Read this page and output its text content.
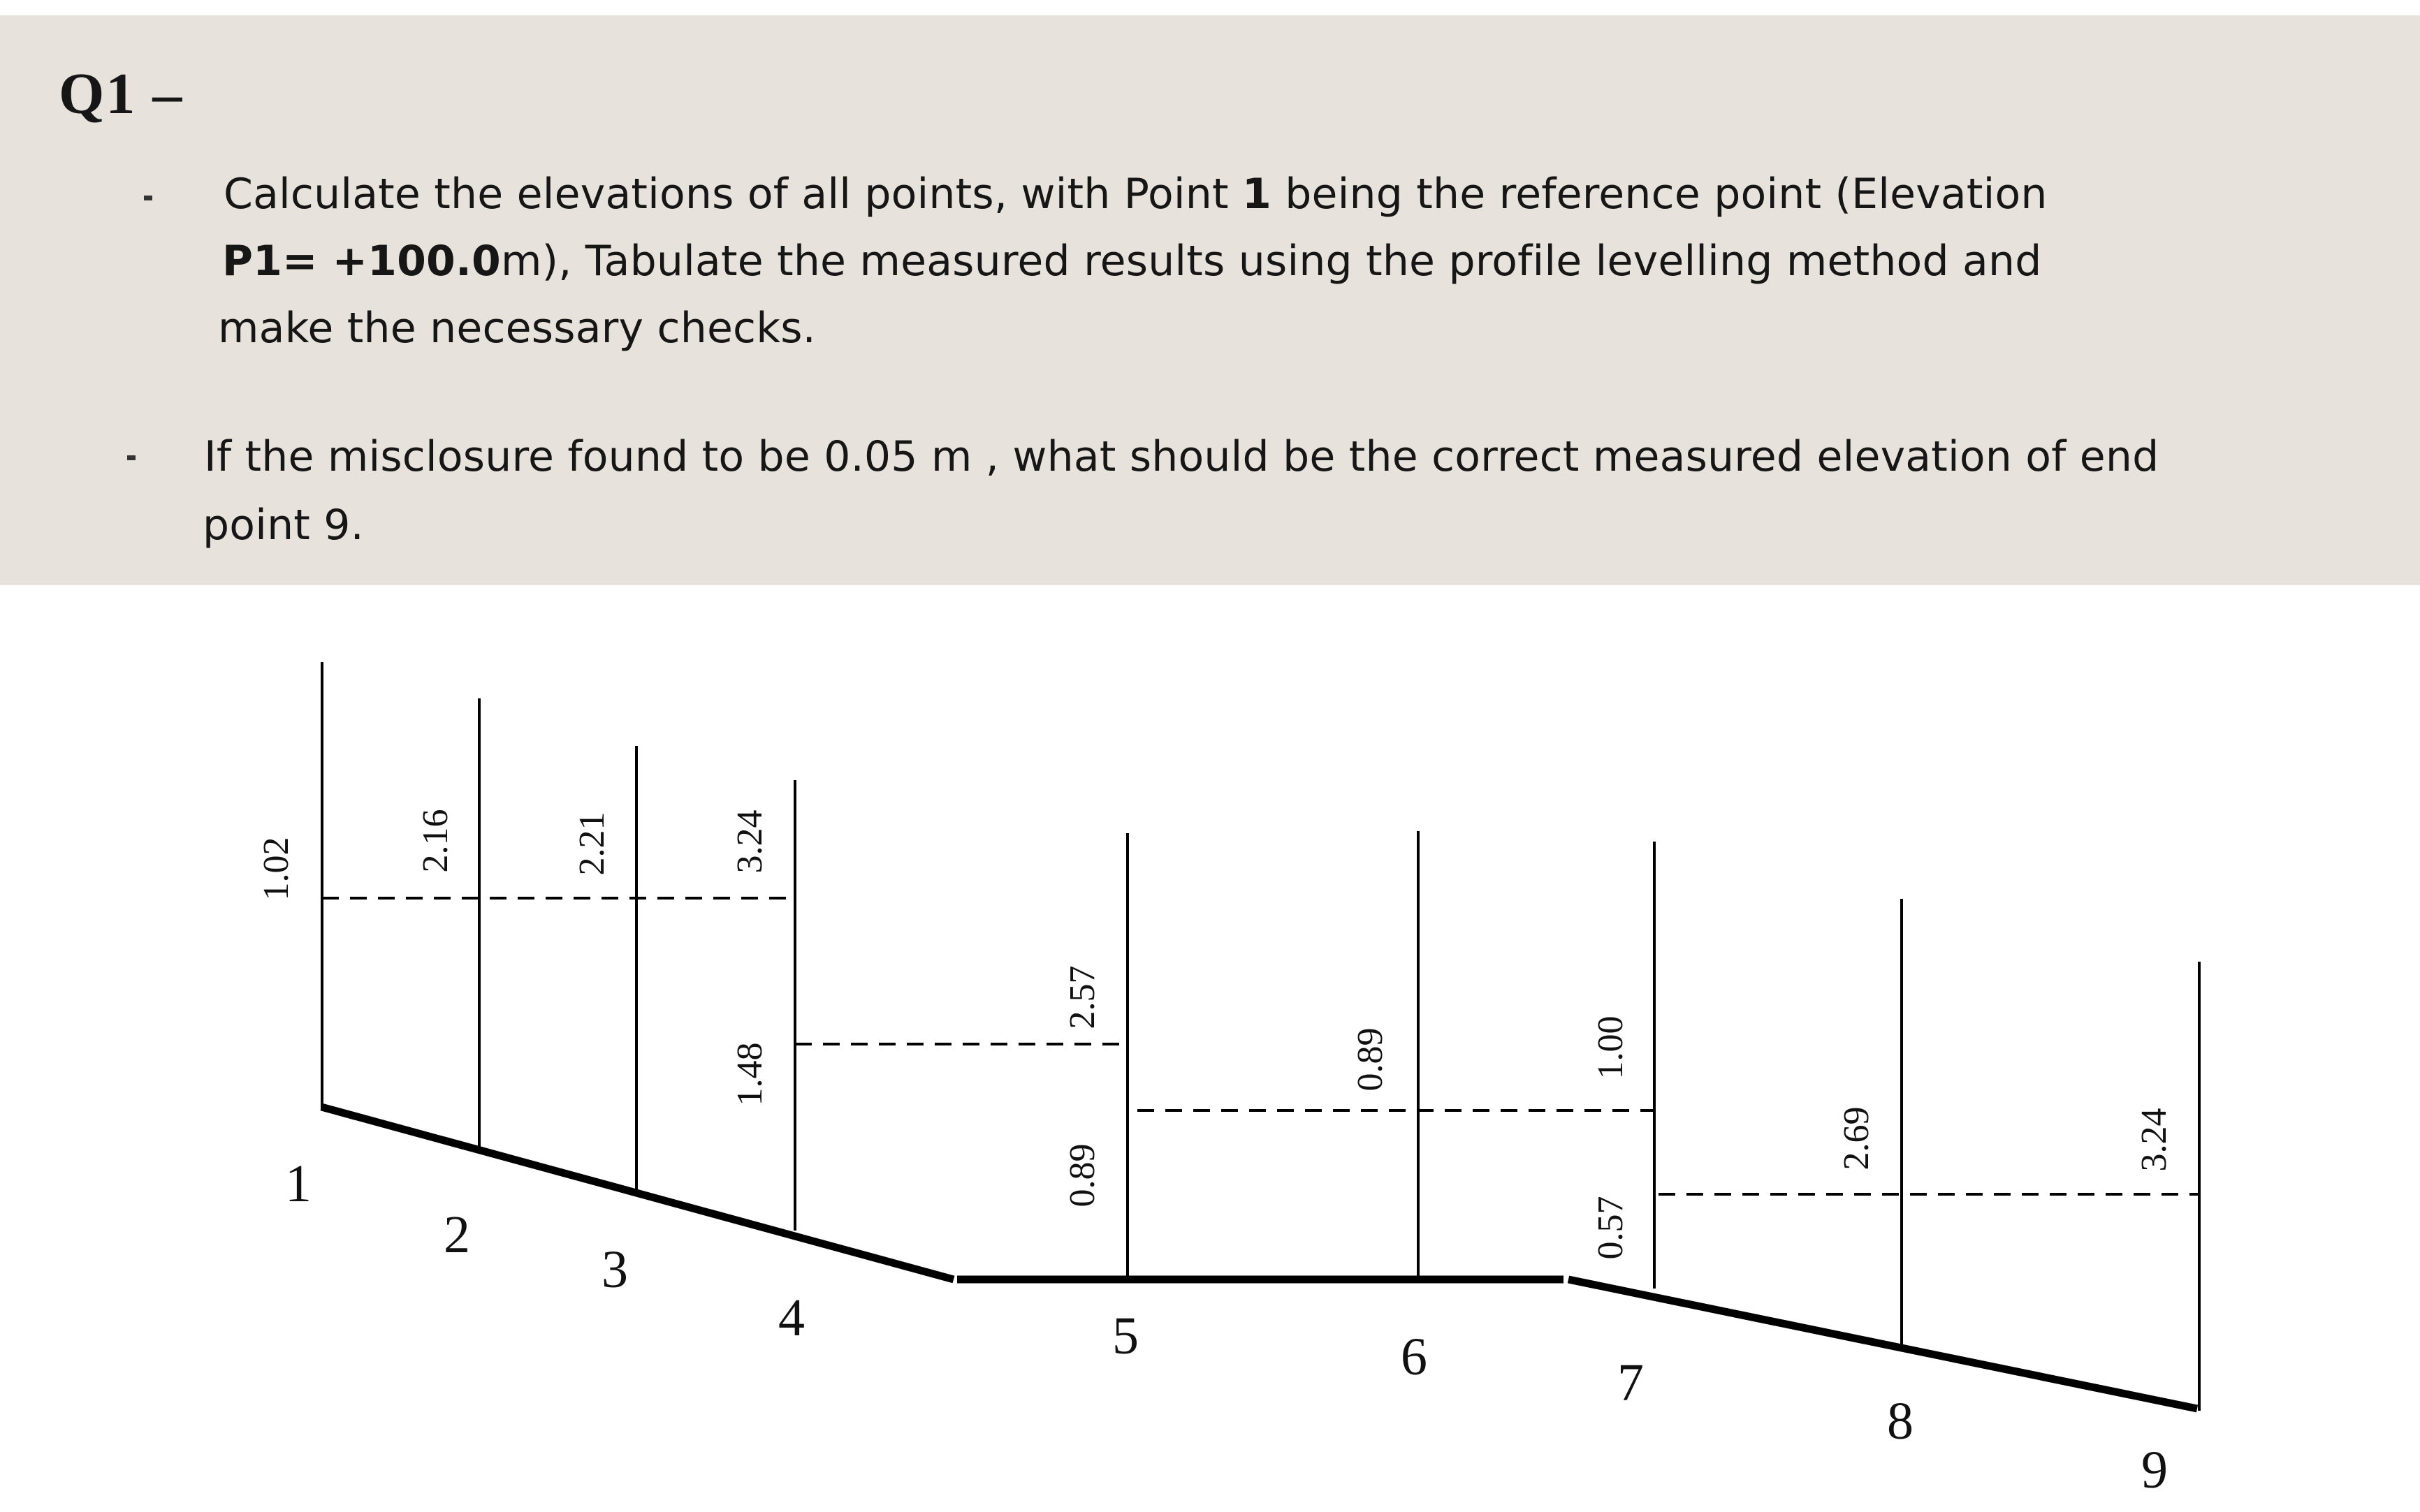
Q1 –
Calculate the elevations of all points, with Point 1 being the reference point (Elevation
P1= +100.0m), Tabulate the measured results using the profile levelling method and
make the necessary checks.
If the misclosure found to be 0.05 m , what should be the correct measured elevation of end
point 9.
1.02	2.16	2.21	3.24
1.48
2.57
0.89
0.89	1.00
0.57
2.69	3.24
1
2
3
4	5	6	7
8
9
